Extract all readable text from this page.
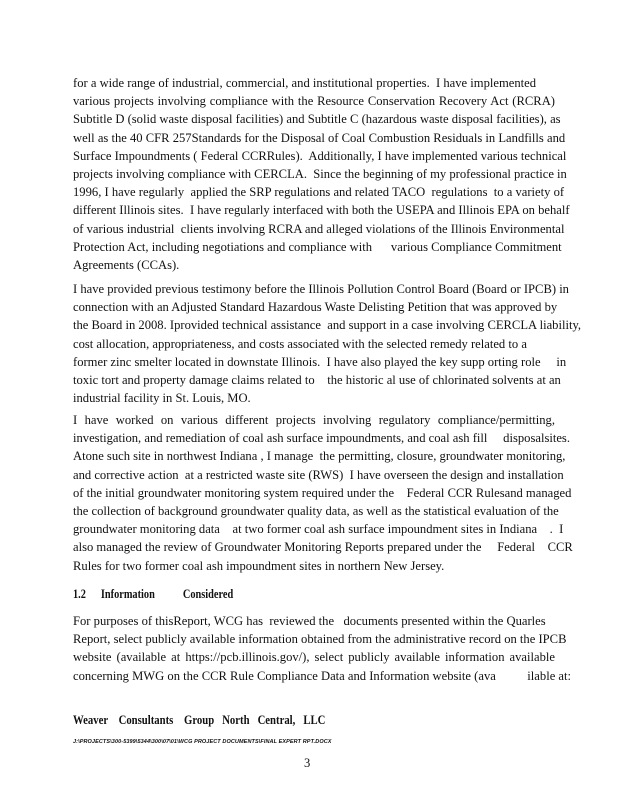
for a wide range of industrial, commercial, and institutional properties.  I have implemented
various projects involving compliance with the Resource Conservation Recovery Act (RCRA)
Subtitle D (solid waste disposal facilities) and Subtitle C (hazardous waste disposal facilities), as
well as the 40 CFR 257Standards for the Disposal of Coal Combustion Residuals in Landfills and
Surface Impoundments ( Federal CCRRules).  Additionally, I have implemented various technical
projects involving compliance with CERCLA.  Since the beginning of my professional practice in
1996, I have regularly  applied the SRP regulations and related TACO  regulations  to a variety of
different Illinois sites.  I have regularly interfaced with both the USEPA and Illinois EPA on behalf
of various industrial  clients involving RCRA and alleged violations of the Illinois Environmental
Protection Act, including negotiations and compliance with      various Compliance Commitment
Agreements (CCAs).
I have provided previous testimony before the Illinois Pollution Control Board (Board or IPCB) in
connection with an Adjusted Standard Hazardous Waste Delisting Petition that was approved by
the Board in 2008. Iprovided technical assistance  and support in a case involving CERCLA liability,
cost allocation, appropriateness, and costs associated with the selected remedy related to a
former zinc smelter located in downstate Illinois.  I have also played the key supp orting role     in
toxic tort and property damage claims related to    the historic al use of chlorinated solvents at an
industrial facility in St. Louis, MO.
I have worked on various different projects involving regulatory compliance/permitting,
investigation, and remediation of coal ash surface impoundments, and coal ash fill     disposalsites.
Atone such site in northwest Indiana , I manage  the permitting, closure, groundwater monitoring,
and corrective action  at a restricted waste site (RWS)  I have overseen the design and installation
of the initial groundwater monitoring system required under the    Federal CCR Rulesand managed
the collection of background groundwater quality data, as well as the statistical evaluation of the
groundwater monitoring data    at two former coal ash surface impoundment sites in Indiana    .  I
also managed the review of Groundwater Monitoring Reports prepared under the     Federal    CCR
Rules for two former coal ash impoundment sites in northern New Jersey.
1.2 Information Considered
For purposes of thisReport, WCG has  reviewed the   documents presented within the Quarles
Report, select publicly available information obtained from the administrative record on the IPCB
website (available at https://pcb.illinois.gov/), select publicly available information available
concerning MWG on the CCR Rule Compliance Data and Information website (ava          ilable at:
Weaver    Consultants    Group   North   Central,   LLC
J:\PROJECTS\300-5399\5344\300\07\01\WCG PROJECT DOCUMENTS\FINAL EXPERT RPT.DOCX
3
